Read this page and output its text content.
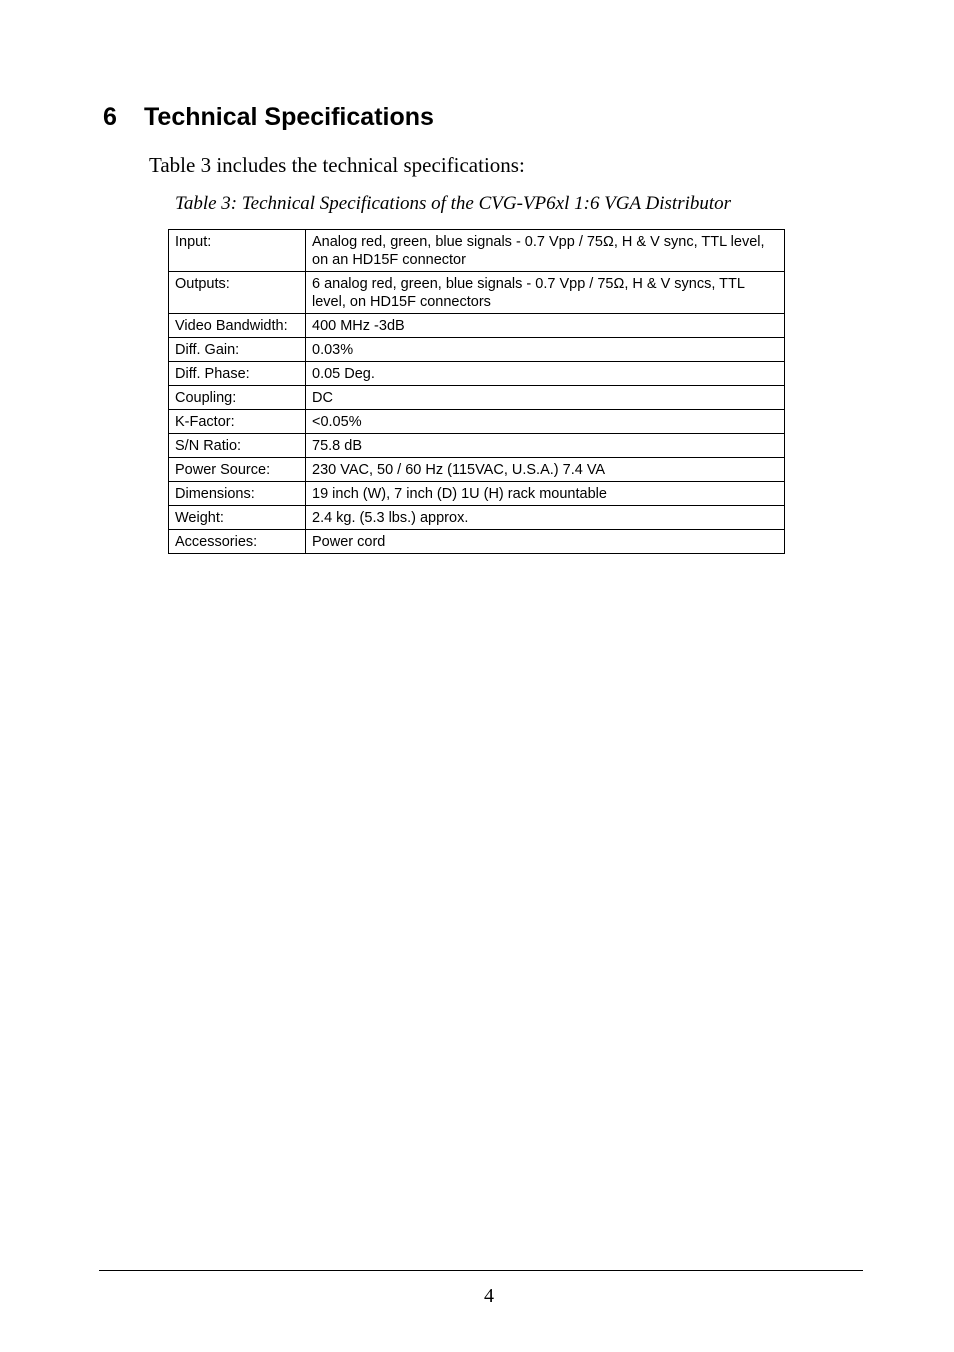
6 Technical Specifications

Table 3 includes the technical specifications:

Table 3: Technical Specifications of the CVG-VP6xl 1:6 VGA Distributor

Input:	Analog red, green, blue signals - 0.7 Vpp / 75Ω, H & V sync, TTL level, on an HD15F connector
Outputs:	6 analog red, green, blue signals - 0.7 Vpp / 75Ω, H & V syncs, TTL level, on HD15F connectors
Video Bandwidth:	400 MHz -3dB
Diff. Gain:	0.03%
Diff. Phase:	0.05 Deg.
Coupling:	DC
K-Factor:	<0.05%
S/N Ratio:	75.8 dB
Power Source:	230 VAC, 50 / 60 Hz (115VAC, U.S.A.) 7.4 VA
Dimensions:	19 inch (W), 7 inch (D) 1U (H) rack mountable
Weight:	2.4 kg. (5.3 lbs.) approx.
Accessories:	Power cord
4
